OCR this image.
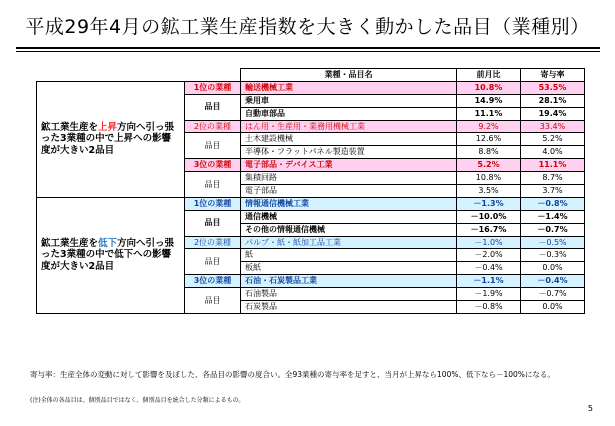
平成29年4月の鉱工業生産指数を大きく動かした品目（業種別）
		業種・品目名	前月比	寄与率
鉱工業生産を上昇方向へ引っ張った3業種の中で上昇への影響度が大きい2品目	1位の業種	輸送機械工業	10.8%	53.5%
	品目	乗用車	14.9%	28.1%
		自動車部品	11.1%	19.4%
	2位の業種	はん用・生産用・業務用機械工業	9.2%	33.4%
	品目	土木建設機械	12.6%	5.2%
		半導体・フラットパネル製造装置	8.8%	4.0%
	3位の業種	電子部品・デバイス工業	5.2%	11.1%
	品目	集積回路	10.8%	8.7%
		電子部品	3.5%	3.7%
鉱工業生産を低下方向へ引っ張った3業種の中で低下への影響度が大きい2品目	1位の業種	情報通信機械工業	－1.3%	－0.8%
	品目	通信機械	－10.0%	－1.4%
		その他の情報通信機械	－16.7%	－0.7%
	2位の業種	パルプ・紙・紙加工品工業	－1.0%	－0.5%
	品目	紙	－2.0%	－0.3%
		板紙	－0.4%	0.0%
	3位の業種	石油・石炭製品工業	－1.1%	－0.4%
	品目	石油製品	－1.9%	－0.7%
		石炭製品	－0.8%	0.0%
寄与率：生産全体の変動に対して影響を及ぼした、各品目の影響の度合い。全93業種の寄与率を足すと、当月が上昇なら100%、低下なら－100%になる。
(注)全体の各品目は、個別品目ではなく、個別品目を統合した分類によるもの。
5
